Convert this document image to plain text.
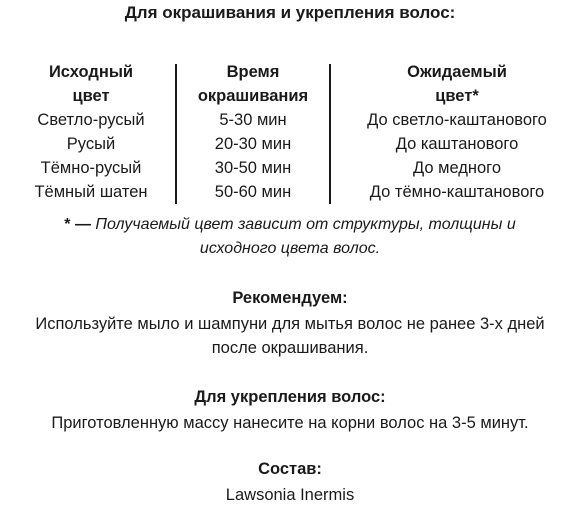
Для окрашивания и укрепления волос:
Исходный
цвет
Светло-русый
Русый
Тёмно-русый
Тёмный шатен
Время
окрашивания
5-30 мин
20-30 мин
30-50 мин
50-60 мин
Ожидаемый
цвет*
До светло-каштанового
До каштанового
До медного
До тёмно-каштанового
* — Получаемый цвет зависит от структуры, толщины и
исходного цвета волос.
Рекомендуем:
Используйте мыло и шампуни для мытья волос не ранее 3-х дней
после окрашивания.
Для укрепления волос:
Приготовленную массу нанесите на корни волос на 3-5 минут.
Состав:
Lawsonia Inermis
